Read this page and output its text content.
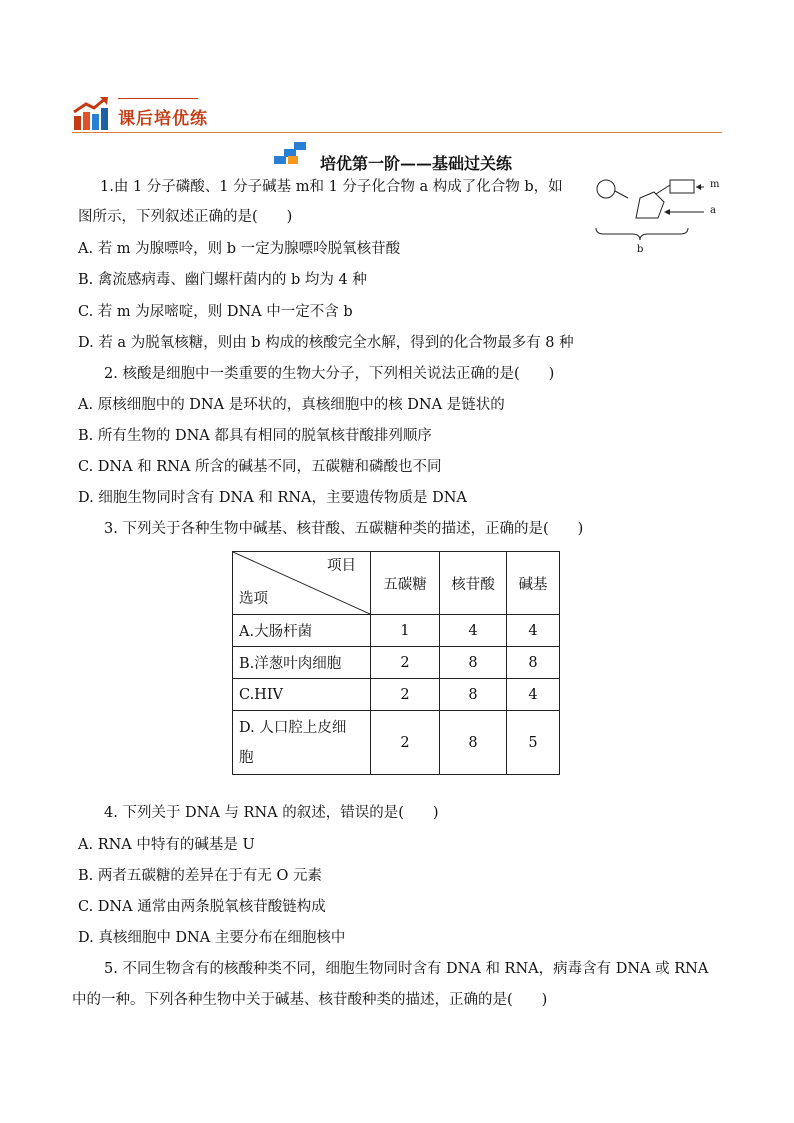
课后培优练
培优第一阶——基础过关练
1.由 1 分子磷酸、1 分子碱基 m和 1 分子化合物 a 构成了化合物 b，如
图所示，下列叙述正确的是(　　)
m
a
b
A. 若 m 为腺嘌呤，则 b 一定为腺嘌呤脱氧核苷酸
B. 禽流感病毒、幽门螺杆菌内的 b 均为 4 种
C. 若 m 为尿嘧啶，则 DNA 中一定不含 b
D. 若 a 为脱氧核糖，则由 b 构成的核酸完全水解，得到的化合物最多有 8 种
2. 核酸是细胞中一类重要的生物大分子，下列相关说法正确的是(　　)
A. 原核细胞中的 DNA 是环状的，真核细胞中的核 DNA 是链状的
B. 所有生物的 DNA 都具有相同的脱氧核苷酸排列顺序
C. DNA 和 RNA 所含的碱基不同，五碳糖和磷酸也不同
D. 细胞生物同时含有 DNA 和 RNA，主要遗传物质是 DNA
3. 下列关于各种生物中碱基、核苷酸、五碳糖种类的描述，正确的是(　　)
项目
选项	五碳糖	核苷酸	碱基
A.大肠杆菌	1	4	4
B.洋葱叶肉细胞	2	8	8
C.HIV	2	8	4

D. 人口腔上皮细
胞	2	8	5
4. 下列关于 DNA 与 RNA 的叙述，错误的是(　　)
A. RNA 中特有的碱基是 U
B. 两者五碳糖的差异在于有无 O 元素
C. DNA 通常由两条脱氧核苷酸链构成
D. 真核细胞中 DNA 主要分布在细胞核中
5. 不同生物含有的核酸种类不同，细胞生物同时含有 DNA 和 RNA，病毒含有 DNA 或 RNA
中的一种。下列各种生物中关于碱基、核苷酸种类的描述，正确的是(　　)
